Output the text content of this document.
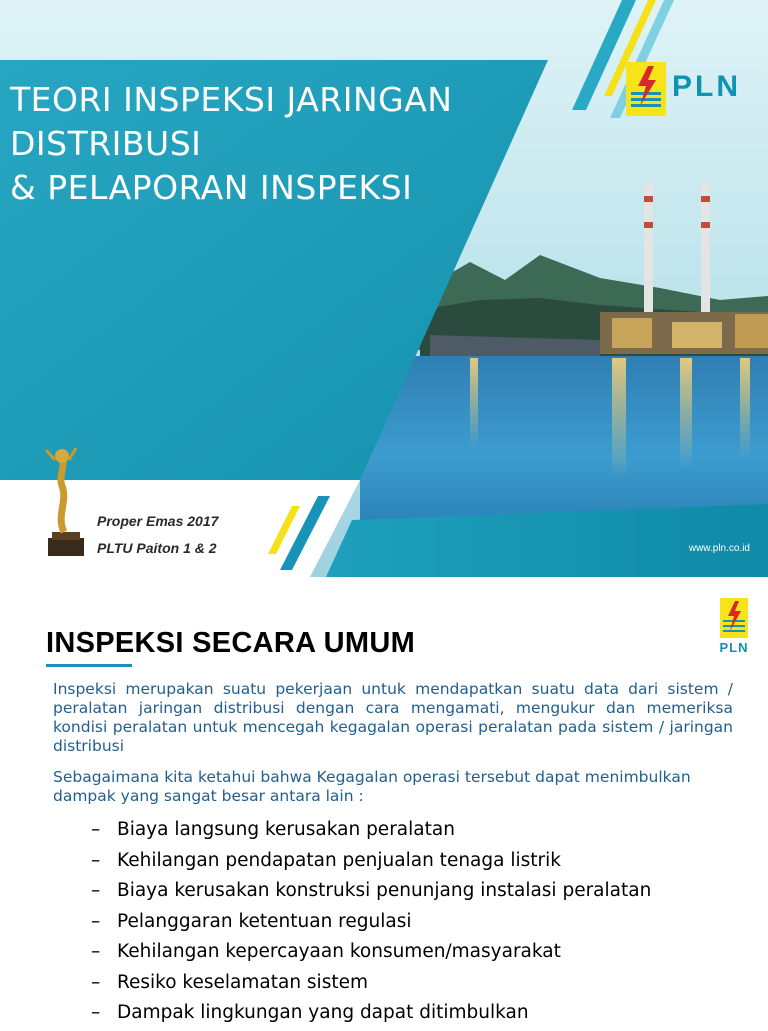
TEORI INSPEKSI JARINGAN
DISTRIBUSI
& PELAPORAN INSPEKSI
PLN
Proper Emas 2017
PLTU Paiton 1 & 2	www.pln.co.id
PLN
INSPEKSI SECARA UMUM

Inspeksi merupakan suatu pekerjaan untuk mendapatkan suatu data dari sistem / peralatan jaringan distribusi dengan cara mengamati, mengukur dan memeriksa kondisi peralatan untuk mencegah kegagalan operasi peralatan pada sistem / jaringan distribusi

Sebagaimana kita ketahui bahwa Kegagalan operasi tersebut dapat menimbulkan dampak yang sangat besar antara lain :

– Biaya langsung kerusakan peralatan
– Kehilangan pendapatan penjualan tenaga listrik
– Biaya kerusakan konstruksi penunjang instalasi peralatan
– Pelanggaran ketentuan regulasi
– Kehilangan kepercayaan konsumen/masyarakat
– Resiko keselamatan sistem
– Dampak lingkungan yang dapat ditimbulkan
